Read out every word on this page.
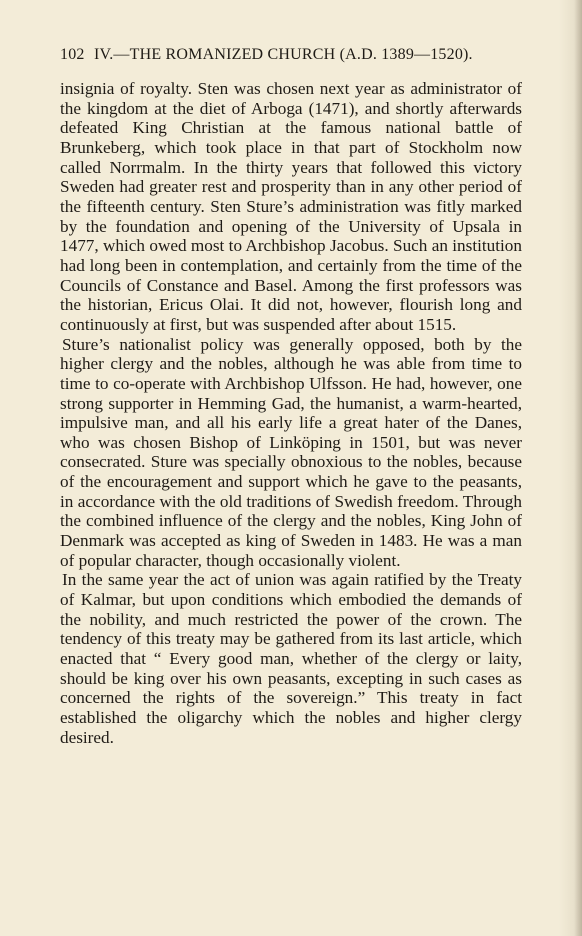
102 IV.—THE ROMANIZED CHURCH (A.D. 1389—1520).

insignia of royalty. Sten was chosen next year as administrator of the kingdom at the diet of Arboga (1471), and shortly afterwards defeated King Christian at the famous national battle of Brunkeberg, which took place in that part of Stockholm now called Norrmalm. In the thirty years that followed this victory Sweden had greater rest and prosperity than in any other period of the fifteenth century. Sten Sture’s administration was fitly marked by the foundation and opening of the University of Upsala in 1477, which owed most to Archbishop Jacobus. Such an institution had long been in contemplation, and certainly from the time of the Councils of Constance and Basel. Among the first professors was the historian, Ericus Olai. It did not, however, flourish long and continuously at first, but was suspended after about 1515.

Sture’s nationalist policy was generally opposed, both by the higher clergy and the nobles, although he was able from time to time to co-operate with Archbishop Ulfsson. He had, however, one strong supporter in Hemming Gad, the humanist, a warm-hearted, impulsive man, and all his early life a great hater of the Danes, who was chosen Bishop of Linköping in 1501, but was never consecrated. Sture was specially obnoxious to the nobles, because of the encouragement and support which he gave to the peasants, in accordance with the old traditions of Swedish freedom. Through the combined influence of the clergy and the nobles, King John of Denmark was accepted as king of Sweden in 1483. He was a man of popular character, though occasionally violent.

In the same year the act of union was again ratified by the Treaty of Kalmar, but upon conditions which embodied the demands of the nobility, and much restricted the power of the crown. The tendency of this treaty may be gathered from its last article, which enacted that “ Every good man, whether of the clergy or laity, should be king over his own peasants, excepting in such cases as concerned the rights of the sovereign.” This treaty in fact established the oligarchy which the nobles and higher clergy desired.
